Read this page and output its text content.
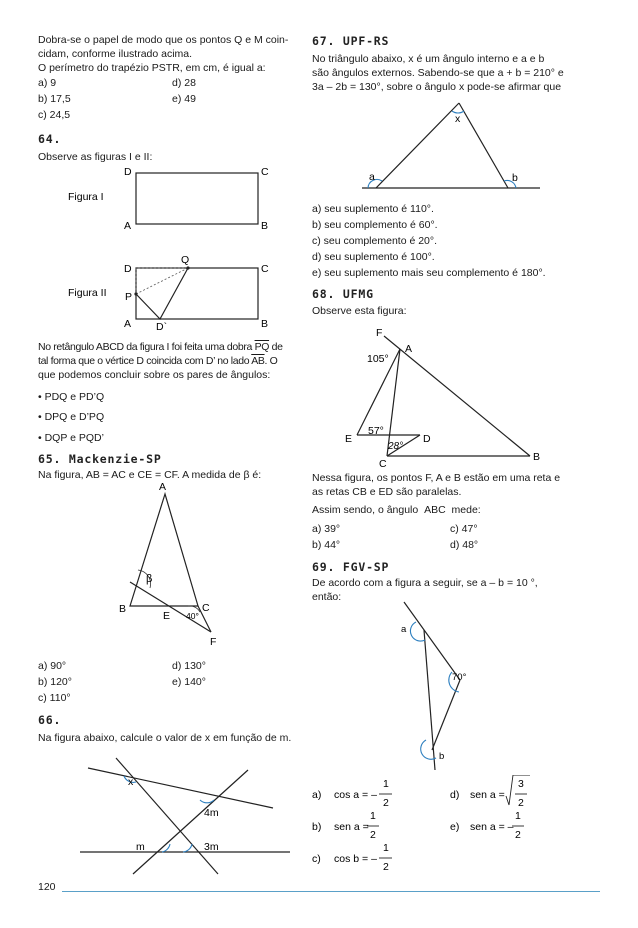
Dobra-se o papel de modo que os pontos Q e M coin-

cidam, conforme ilustrado acima.

O perímetro do trapézio PSTR, em cm, é igual a:

a) 9
b) 17,5
c) 24,5
d) 28
e) 49
64.

Observe as figuras I e II:

Figura I
A	B
C
D
Figura II
D
Q
C
P
A D`	B

No retângulo ABCD da figura I foi feita uma dobra $\overline{PQ}$ de

tal forma que o vértice D coincida com D’ no lado $\overline{AB}$. O

que podemos concluir sobre os pares de ângulos:

• PDQ e PD’Q

• DPQ e D’PQ

• DQP e PQD’

65. Mackenzie-SP

Na figura, AB = AC e CE = CF. A medida de β é:

A
B	C
E
F
β
40°
a) 90°
b) 120°
c) 110°
d) 130°
e) 140°
66.

Na figura abaixo, calcule o valor de x em função de m.

x
4m
m	3m
120
67. UPF-RS

No triângulo abaixo, x é um ângulo interno e a e b

são ângulos externos. Sabendo-se que a + b = 210° e

3a – 2b = 130°, sobre o ângulo x pode-se afirmar que

x
a	b
a) seu suplemento é 110°.
b) seu complemento é 60°.
c) seu complemento é 20°.
d) seu suplemento é 100°.
e) seu suplemento mais seu complemento é 180°.
68. UFMG

Observe esta figura:

F
A
105°
E
57°
D
28°
C
B

Nessa figura, os pontos F, A e B estão em uma reta e

as retas CB e ED são paralelas.

Assim sendo, o ângulo ABC mede:

a) 39°
b) 44°
c) 47°
d) 48°
69. FGV-SP

De acordo com a figura a seguir, se a – b = 10 °,

então:

a
70°
b
a) cos a = –
1
2
d) sen a =
3
2
b) sen a =
1
2
e) sen a = –
1
2
c) cos b = –
1
2
